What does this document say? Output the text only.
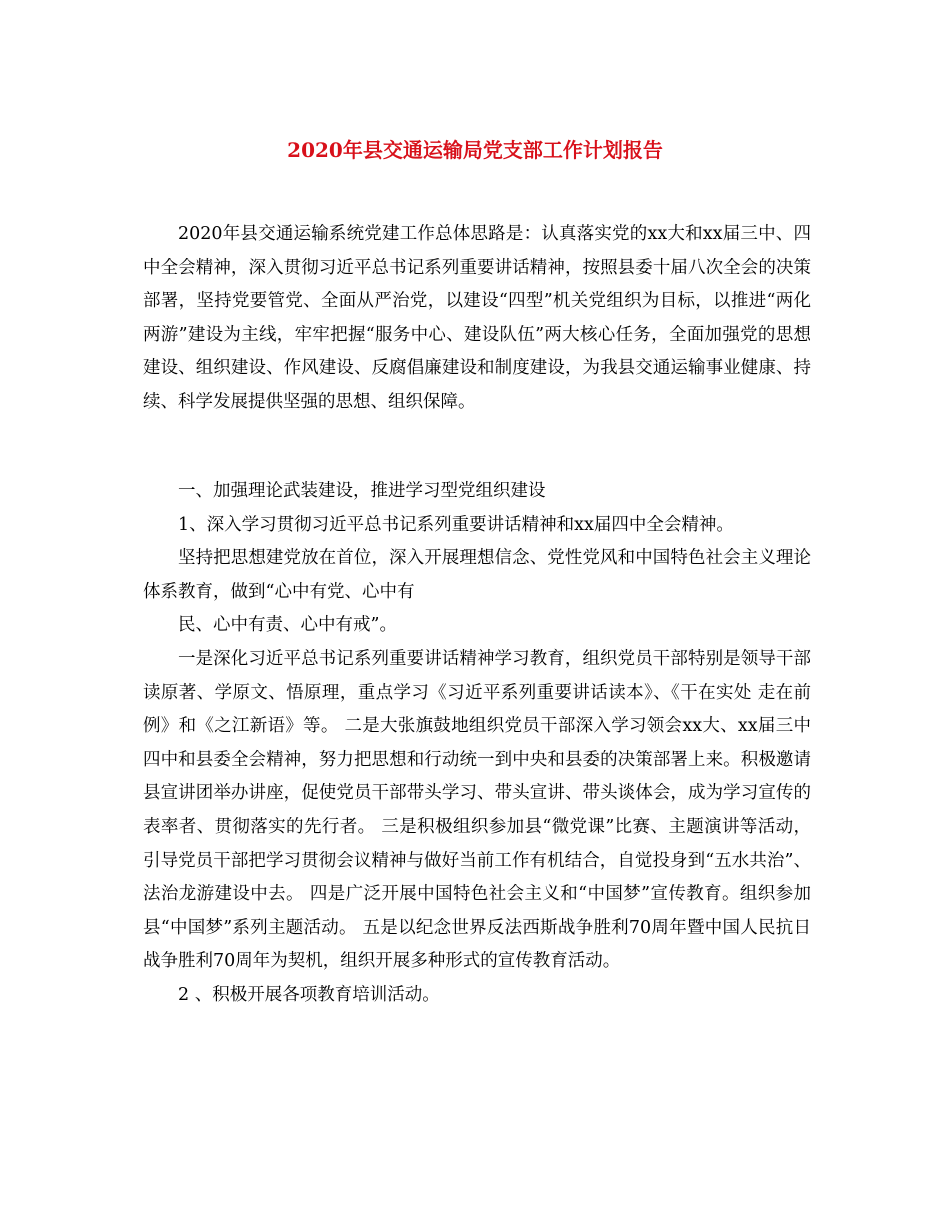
2020年县交通运输局党支部工作计划报告

2020年县交通运输系统党建工作总体思路是：认真落实党的xx大和xx届三中、四中全会精神，深入贯彻习近平总书记系列重要讲话精神，按照县委十届八次全会的决策部署，坚持党要管党、全面从严治党，以建设“四型”机关党组织为目标，以推进“两化两游”建设为主线，牢牢把握“服务中心、建设队伍”两大核心任务，全面加强党的思想建设、组织建设、作风建设、反腐倡廉建设和制度建设，为我县交通运输事业健康、持续、科学发展提供坚强的思想、组织保障。

一、加强理论武装建设，推进学习型党组织建设

1、深入学习贯彻习近平总书记系列重要讲话精神和xx届四中全会精神。

坚持把思想建党放在首位，深入开展理想信念、党性党风和中国特色社会主义理论体系教育，做到“心中有党、心中有

民、心中有责、心中有戒”。

一是深化习近平总书记系列重要讲话精神学习教育，组织党员干部特别是领导干部读原著、学原文、悟原理，重点学习《习近平系列重要讲话读本》、《干在实处 走在前例》和《之江新语》等。 二是大张旗鼓地组织党员干部深入学习领会xx大、xx届三中四中和县委全会精神，努力把思想和行动统一到中央和县委的决策部署上来。积极邀请县宣讲团举办讲座，促使党员干部带头学习、带头宣讲、带头谈体会，成为学习宣传的表率者、贯彻落实的先行者。 三是积极组织参加县“微党课”比赛、主题演讲等活动，引导党员干部把学习贯彻会议精神与做好当前工作有机结合，自觉投身到“五水共治”、法治龙游建设中去。 四是广泛开展中国特色社会主义和“中国梦”宣传教育。组织参加县“中国梦”系列主题活动。 五是以纪念世界反法西斯战争胜利70周年暨中国人民抗日战争胜利70周年为契机，组织开展多种形式的宣传教育活动。

2 、积极开展各项教育培训活动。
